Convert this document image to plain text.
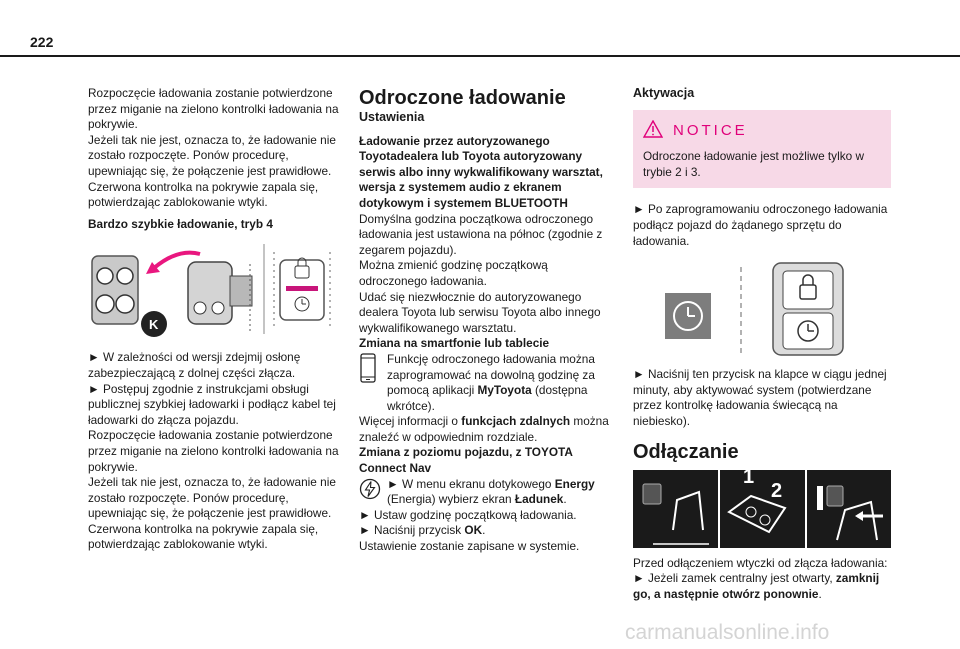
222

Rozpoczęcie ładowania zostanie potwierdzone przez miganie na zielono kontrolki ładowania na pokrywie.

Jeżeli tak nie jest, oznacza to, że ładowanie nie zostało rozpoczęte. Ponów procedurę, upewniając się, że połączenie jest prawidłowe.

Czerwona kontrolka na pokrywie zapala się, potwierdzając zablokowanie wtyki.

Bardzo szybkie ładowanie, tryb 4

K

► W zależności od wersji zdejmij osłonę zabezpieczającą z dolnej części złącza.

► Postępuj zgodnie z instrukcjami obsługi publicznej szybkiej ładowarki i podłącz kabel tej ładowarki do złącza pojazdu.

Rozpoczęcie ładowania zostanie potwierdzone przez miganie na zielono kontrolki ładowania na pokrywie.

Jeżeli tak nie jest, oznacza to, że ładowanie nie zostało rozpoczęte. Ponów procedurę, upewniając się, że połączenie jest prawidłowe.

Czerwona kontrolka na pokrywie zapala się, potwierdzając zablokowanie wtyki.

Odroczone ładowanie

Ustawienia

Ładowanie przez autoryzowanego Toyotadealera lub Toyota autoryzowany serwis albo inny wykwalifikowany warsztat, wersja z systemem audio z ekranem dotykowym i systemem BLUETOOTH

Domyślna godzina początkowa odroczonego ładowania jest ustawiona na północ (zgodnie z zegarem pojazdu).

Można zmienić godzinę początkową odroczonego ładowania.

Udać się niezwłocznie do autoryzowanego dealera Toyota lub serwisu Toyota albo innego wykwalifikowanego warsztatu.

Zmiana na smartfonie lub tablecie

Funkcję odroczonego ładowania można zaprogramować na dowolną godzinę za pomocą aplikacji MyToyota (dostępna wkrótce).

Więcej informacji o funkcjach zdalnych można znaleźć w odpowiednim rozdziale.

Zmiana z poziomu pojazdu, z TOYOTA Connect Nav

► W menu ekranu dotykowego Energy (Energia) wybierz ekran Ładunek.

► Ustaw godzinę początkową ładowania.

► Naciśnij przycisk OK.

Ustawienie zostanie zapisane w systemie.

Aktywacja

NOTICE

Odroczone ładowanie jest możliwe tylko w trybie 2 i 3.

► Po zaprogramowaniu odroczonego ładowania podłącz pojazd do żądanego sprzętu do ładowania.

► Naciśnij ten przycisk na klapce w ciągu jednej minuty, aby aktywować system (potwierdzane przez kontrolkę ładowania świecącą na niebiesko).

Odłączanie

1
2

Przed odłączeniem wtyczki od złącza ładowania:

► Jeżeli zamek centralny jest otwarty, zamknij go, a następnie otwórz ponownie.

carmanualsonline.info
